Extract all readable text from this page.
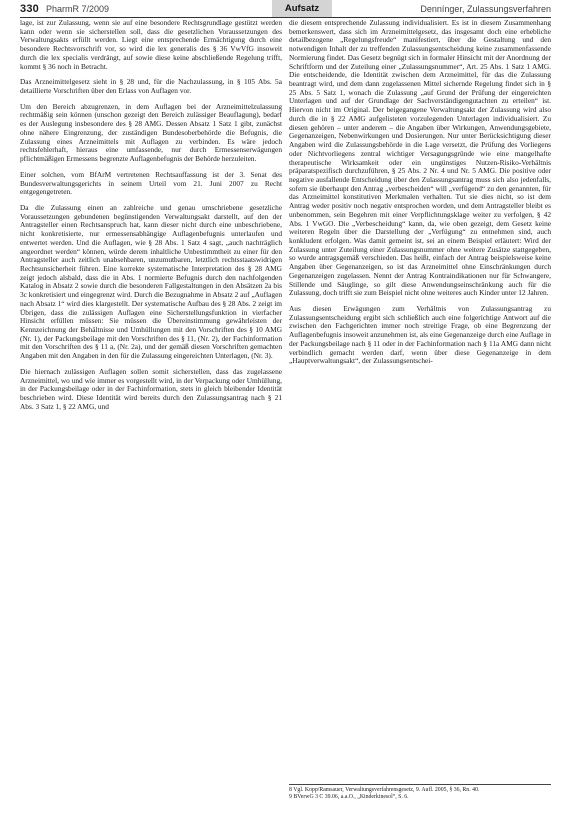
330 PharmR 7/2009	Aufsatz	Dennínger, Zulassungsverfahren

lage, ist zur Zulassung, wenn sie auf eine besondere Rechtsgrundlage gestützt werden kann oder wenn sie sicherstellen soll, dass die gesetzlichen Voraussetzungen des Verwaltungsakts erfüllt werden. Liegt eine entsprechende Ermächtigung durch eine besondere Rechtsvorschrift vor, so wird die lex generalis des § 36 VwVfG insoweit durch die lex specialis verdrängt, auf sowie diese keine abschließende Regelung trifft, kommt § 36 noch in Betracht.

Das Arzneimittelgesetz sieht in § 28 und, für die Nachzulassung, in § 105 Abs. 5a detaillierte Vorschriften über den Erlass von Auflagen vor.

Um den Bereich abzugrenzen, in dem Auflagen bei der Arzneimittelzulassung rechtmäßig sein können (unschon gezeigt den Bereich zulässiger Beauflagung), bedarf es der Auslegung insbesondere des § 28 AMG. Dessen Absatz 1 Satz 1 gibt, zunächst ohne nähere Eingrenzung, der zuständigen Bundesoberbehörde die Befugnis, die Zulassung eines Arzneimittels mit Auflagen zu verbinden. Es wäre jedoch rechtsfehlerhaft, hieraus eine umfassende, nur durch Ermessenserwägungen pflichtmäßigen Ermessens begrenzte Auflagenbefugnis der Behörde herzuleiten.

Einer solchen, vom BfArM vertretenen Rechtsauffassung ist der 3. Senat des Bundesverwaltungsgerichts in seinem Urteil vom 21. Juni 2007 zu Recht entgegengetreten.

Da die Zulassung einen an zahlreiche und genau umschriebene gesetzliche Voraussetzungen gebundenen begünstigenden Verwaltungsakt darstellt, auf den der Antragsteller einen Rechtsanspruch hat, kann dieser nicht durch eine unbeschriebene, nicht konkretisierte, nur ermessensabhängige Auflagenbefugnis unterlaufen und entwertet werden. Und die Auflagen, wie § 28 Abs. 1 Satz 4 sagt, „auch nachträglich angeordnet werden“ können, würde derem inhaltliche Unbestimmtheit zu einer für den Antragsteller auch zeitlich unabsehbaren, unzumutbaren, letztlich rechtsstaatswidrigen Rechtsunsicherheit führen. Eine korrekte systematische Interpretation des § 28 AMG zeigt jedoch alsbald, dass die in Abs. 1 normierte Befugnis durch den nachfolgenden Katalog in Absatz 2 sowie durch die besonderen Fallgestaltungen in den Absätzen 2a bis 3c konkretisiert und eingegrenzt wird. Durch die Bezugnahme in Absatz 2 auf „Auflagen nach Absatz 1“ wird dies klargestellt. Der systematische Aufbau des § 28 Abs. 2 zeigt im Übrigen, dass die zulässigen Auflagen eine Sicherstellungsfunktion in vierfacher Hinsicht erfüllen müssen: Sie müssen die Übereinstimmung gewährleisten der Kennzeichnung der Behältnisse und Umhüllungen mit den Vorschriften des § 10 AMG (Nr. 1), der Packungsbeilage mit den Vorschriften des § 11, (Nr. 2), der Fachinformation mit den Vorschriften des § 11 a, (Nr. 2a), und der gemäß diesen Vorschriften gemachten Angaben mit den Angaben in den für die Zulassung eingereichten Unterlagen, (Nr. 3).

Die hiernach zulässigen Auflagen sollen somit sicherstellen, dass das zugelassene Arzneimittel, wo und wie immer es vorgestellt wird, in der Verpackung oder Umhüllung, in der Packungsbeilage oder in der Fachinformation, stets in gleich bleibender Identität beschrieben wird. Diese Identität wird bereits durch den Zulassungsantrag nach § 21 Abs. 3 Satz 1, § 22 AMG, und

die diesem entsprechende Zulassung individualisiert. Es ist in diesem Zusammenhang bemerkenswert, dass sich im Arzneimittelgesetz, das insgesamt doch eine erhebliche detailbezogene „Regelungsfreude“ manifestiert, über die Gestaltung und den notwendigen Inhalt der zu treffenden Zulassungsentscheidung keine zusammenfassende Normierung findet. Das Gesetz begnügt sich in formaler Hinsicht mit der Anordnung der Schriftform und der Zuteilung einer „Zulassungsnummer“, Art. 25 Abs. 1 Satz 1 AMG. Die entscheidende, die Identität zwischen dem Arzneimittel, für das die Zulassung beantragt wird, und dem dann zugelassenen Mittel sichernde Regelung findet sich in § 25 Abs. 5 Satz 1, wonach die Zulassung „auf Grund der Prüfung der eingereichten Unterlagen und auf der Grundlage der Sachverständigengutachten zu erteilen“ ist. Hiervon nicht im Original. Der beigegangene Verwaltungsakt der Zulassung wird also durch die in § 22 AMG aufgelisteten vorzulegenden Unterlagen individualisiert. Zu diesen gehören – unter anderem – die Angaben über Wirkungen, Anwendungsgebiete, Gegenanzeigen, Nebenwirkungen und Dosierungen. Nur unter Berücksichtigung dieser Angaben wird die Zulassungsbehörde in die Lage versetzt, die Prüfung des Vorliegens oder Nichtvorliegens zentral wichtiger Versagungsgründe wie eine mangelhafte therapeutische Wirksamkeit oder ein ungünstiges Nutzen-Risiko-Verhältnis präparatspezifisch durchzuführen, § 25 Abs. 2 Nr. 4 und Nr. 5 AMG. Die positive oder negative ausfallende Entscheidung über den Zulassungsantrag muss sich also jedenfalls, sofern sie überhaupt den Antrag „verbescheiden“ will „verfügend“ zu den genannten, für das Arzneimittel konstitutiven Merkmalen verhalten. Tut sie dies nicht, so ist dem Antrag weder positiv noch negativ entsprochen worden, und dem Antragsteller bleibt es unbenommen, sein Begehren mit einer Verpflichtungsklage weiter zu verfolgen, § 42 Abs. 1 VwGO. Die „Verbescheidung“ kann, da, wie oben gezeigt, dem Gesetz keine weiteren Regeln über die Darstellung der „Verfügung“ zu entnehmen sind, auch konkludent erfolgen. Was damit gemeint ist, sei an einem Beispiel erläutert: Wird der Zulassung unter Zuteilung einer Zulassungsnummer ohne weitere Zusätze stattgegeben, so wurde antragsgemäß verschieden. Das heißt, einfach der Antrag beispielsweise keine Angaben über Gegenanzeigen, so ist das Arzneimittel ohne Einschränkungen durch Gegenanzeigen zugelassen. Nennt der Antrag Kontraindikationen nur für Schwangere, Stillende und Säuglinge, so gilt diese Anwendungseinschränkung auch für die Zulassung, doch trifft sie zum Beispiel nicht ohne weiteres auch Kinder unter 12 Jahren.

Aus diesen Erwägungen zum Verhältnis von Zulassungsantrag zu Zulassungsentscheidung ergibt sich schließlich auch eine folgerichtige Antwort auf die zwischen den Fachgerichten immer noch streitige Frage, ob eine Begrenzung der Auflagenbefugnis insoweit anzunehmen ist, als eine Gegenanzeige durch eine Auflage in der Packungsbeilage nach § 11 oder in der Fachinformation nach § 11a AMG dann nicht verbindlich gemacht werden darf, wenn über diese Gegenanzeige in dem „Hauptverwaltungsakt“, der Zulassungsentschei-

8 Vgl. Kopp/Ramsauer, Verwaltungsverfahrensgesetz, 9. Aufl. 2005, § 36, Rn. 40.
9 BVerwG 3 C 39.06, a.a.O., „Kinderkinesol“, S. 6.
